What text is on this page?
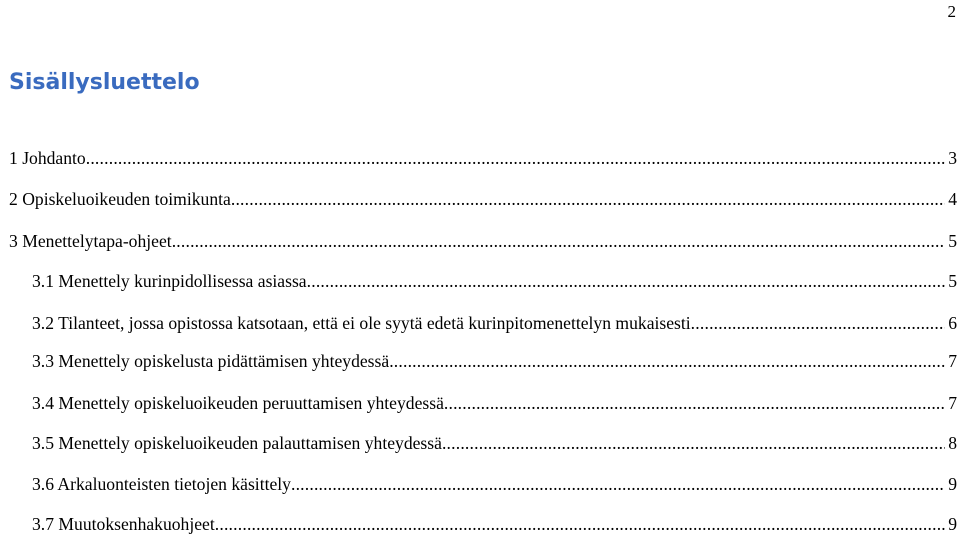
2
Sisällysluettelo
1 Johdanto .....	3
2 Opiskeluoikeuden toimikunta .....	4
3 Menettelytapa-ohjeet .....	5
3.1 Menettely kurinpidollisessa asiassa .....	5
3.2 Tilanteet, jossa opistossa katsotaan, että ei ole syytä edetä kurinpitomenettelyn mukaisesti .....	6
3.3 Menettely opiskelusta pidättämisen yhteydessä .....	7
3.4 Menettely opiskeluoikeuden peruuttamisen yhteydessä .....	7
3.5 Menettely opiskeluoikeuden palauttamisen yhteydessä .....	8
3.6 Arkaluonteisten tietojen käsittely .....	9
3.7 Muutoksenhakuohjeet .....	9
